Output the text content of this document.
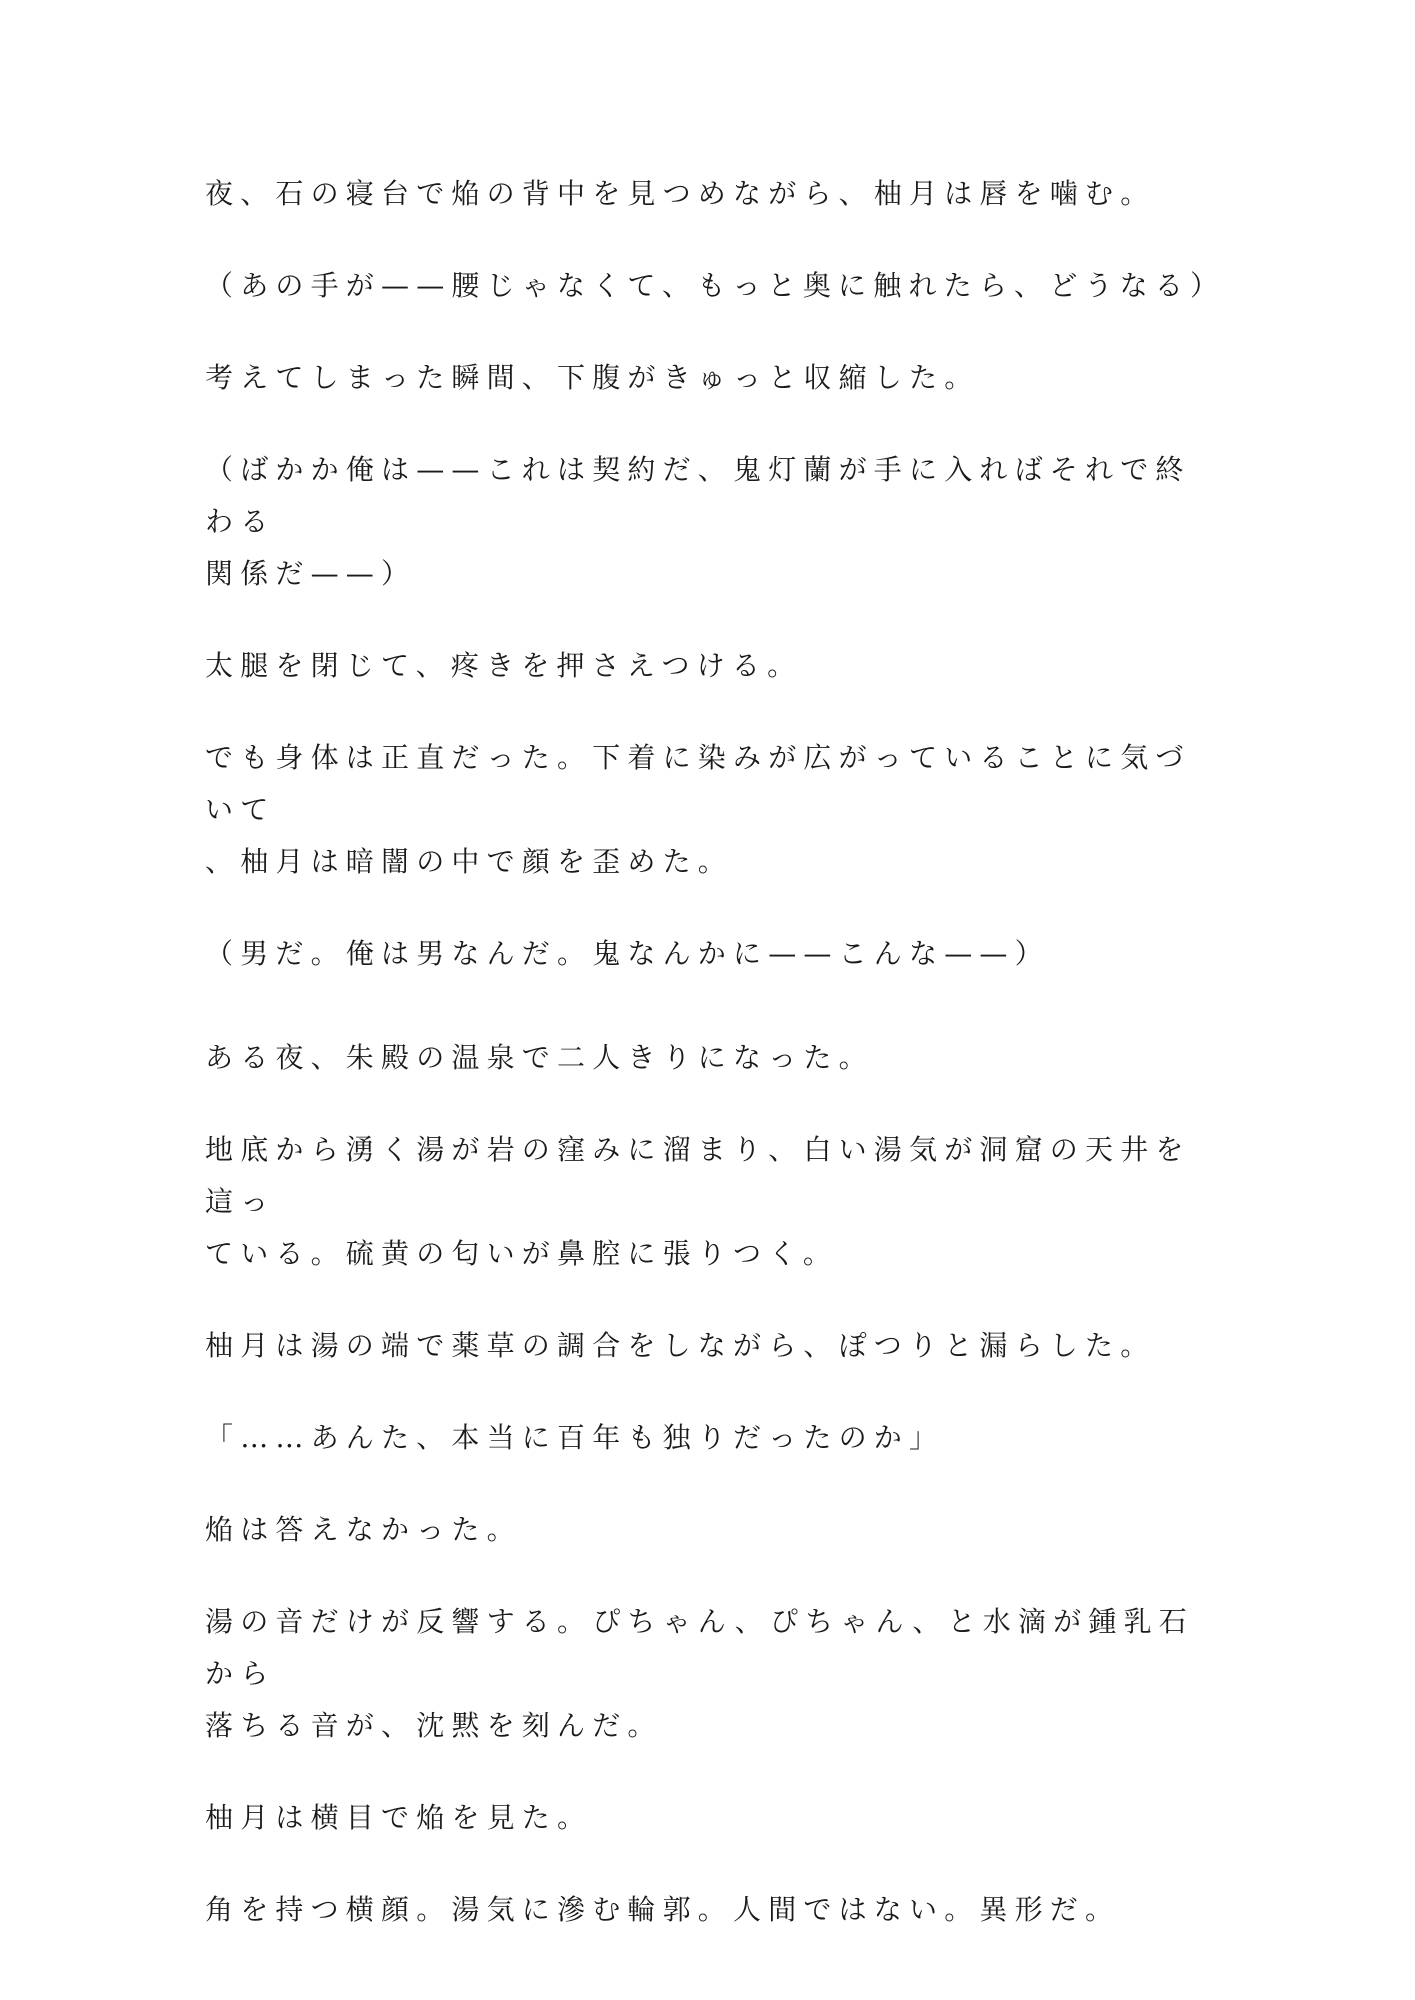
夜、石の寝台で焔の背中を見つめながら、柚月は唇を噛む。

（あの手が——腰じゃなくて、もっと奥に触れたら、どうなる）

考えてしまった瞬間、下腹がきゅっと収縮した。

（ばかか俺は——これは契約だ、鬼灯蘭が手に入ればそれで終わる
関係だ——）

太腿を閉じて、疼きを押さえつける。

でも身体は正直だった。下着に染みが広がっていることに気づいて
、柚月は暗闇の中で顔を歪めた。

（男だ。俺は男なんだ。鬼なんかに——こんな——）

ある夜、朱殿の温泉で二人きりになった。

地底から湧く湯が岩の窪みに溜まり、白い湯気が洞窟の天井を這っ
ている。硫黄の匂いが鼻腔に張りつく。

柚月は湯の端で薬草の調合をしながら、ぽつりと漏らした。

「……あんた、本当に百年も独りだったのか」

焔は答えなかった。

湯の音だけが反響する。ぴちゃん、ぴちゃん、と水滴が鍾乳石から
落ちる音が、沈黙を刻んだ。

柚月は横目で焔を見た。

角を持つ横顔。湯気に滲む輪郭。人間ではない。異形だ。
